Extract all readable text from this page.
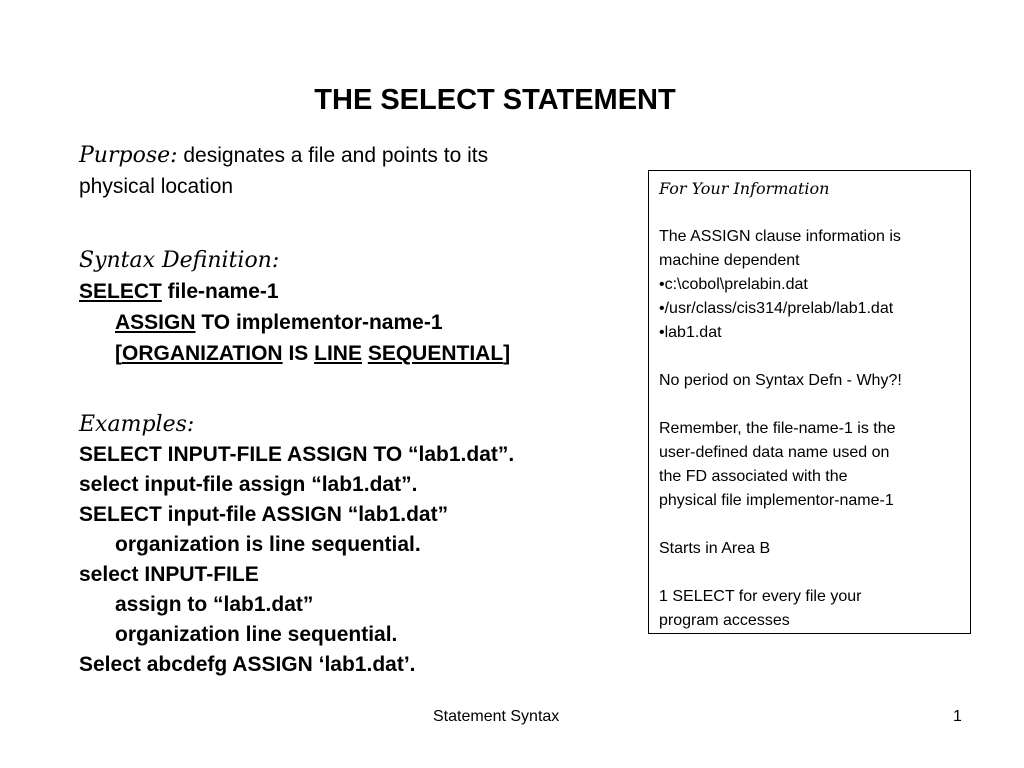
THE SELECT STATEMENT

Purpose: designates a file and points to its
physical location

Syntax Definition:
SELECT file-name-1
ASSIGN TO implementor-name-1
[ORGANIZATION IS LINE SEQUENTIAL]
Examples:
SELECT INPUT-FILE ASSIGN TO “lab1.dat”.
select input-file assign “lab1.dat”.
SELECT input-file ASSIGN “lab1.dat”
organization is line sequential.
select INPUT-FILE
assign to “lab1.dat”
organization line sequential.
Select abcdefg ASSIGN ‘lab1.dat’.
For Your Information
The ASSIGN clause information is
machine dependent
•c:\cobol\prelabin.dat
•/usr/class/cis314/prelab/lab1.dat
•lab1.dat
No period on Syntax Defn - Why?!
Remember, the file-name-1 is the
user-defined data name used on
the FD associated with the
physical file implementor-name-1
Starts in Area B
1 SELECT for every file your
program accesses
Statement Syntax	1
